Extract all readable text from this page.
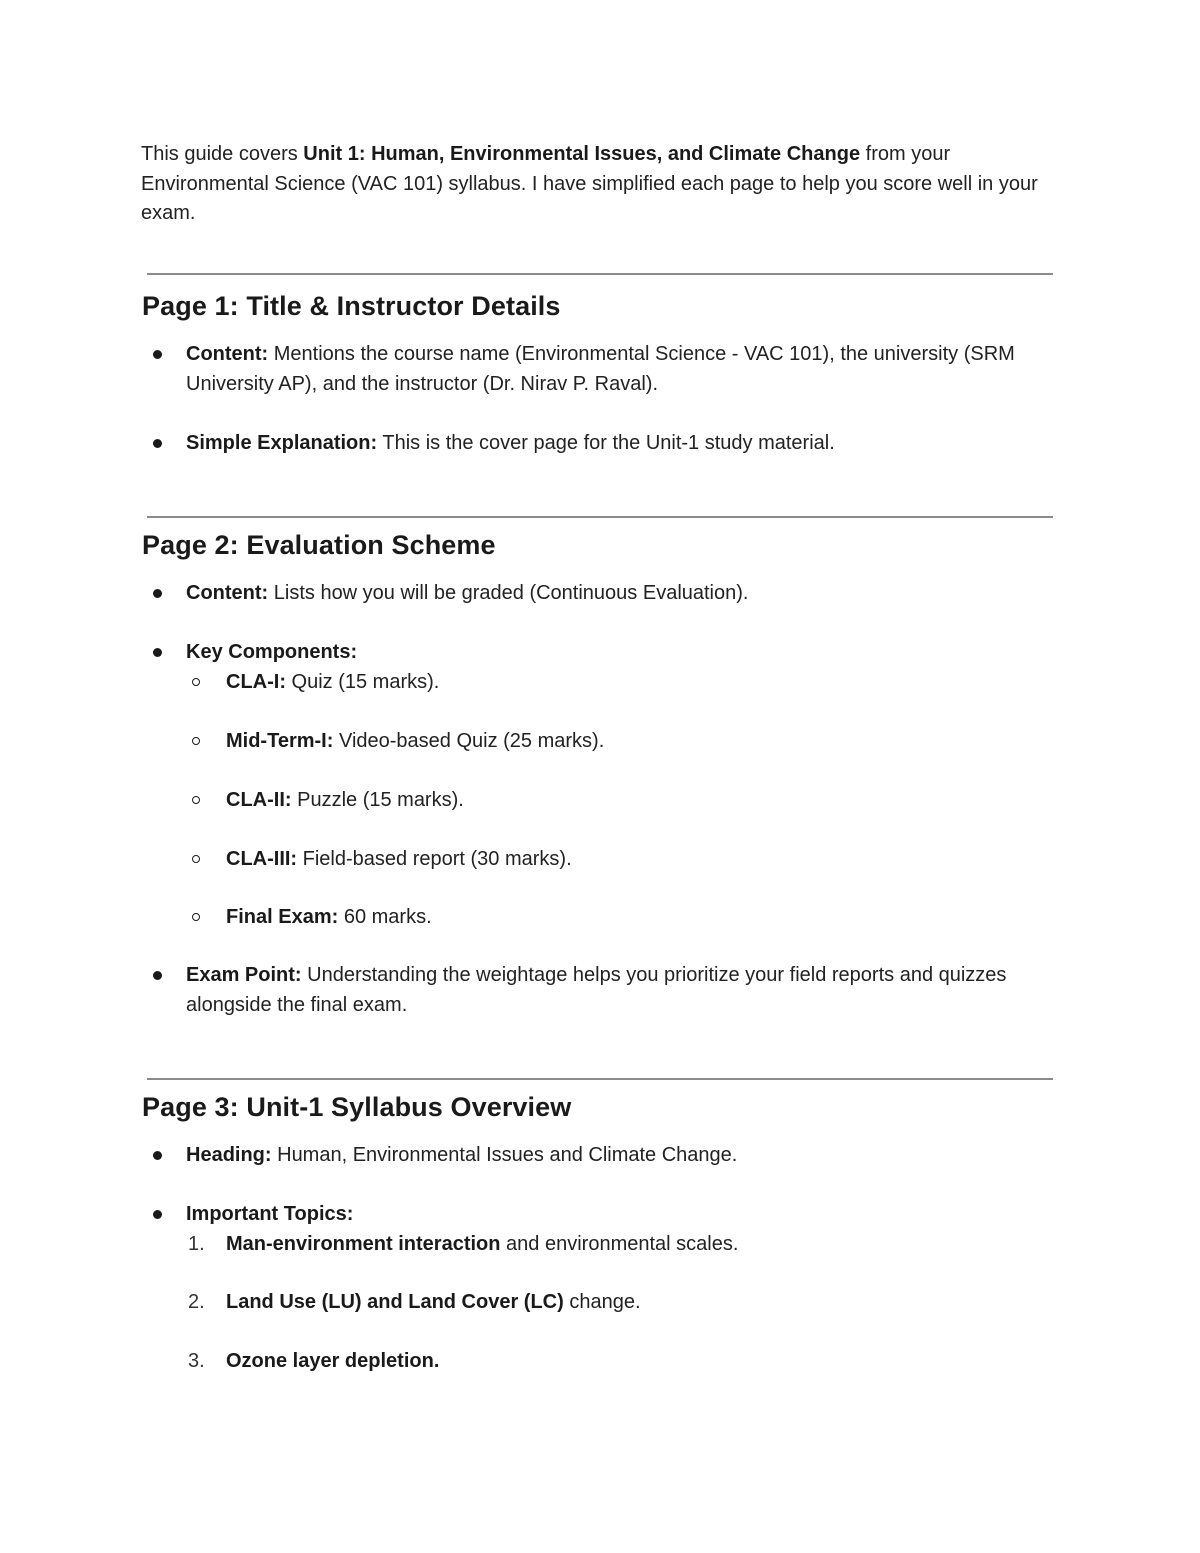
This guide covers Unit 1: Human, Environmental Issues, and Climate Change from your Environmental Science (VAC 101) syllabus. I have simplified each page to help you score well in your exam.

Page 1: Title & Instructor Details
Content: Mentions the course name (Environmental Science - VAC 101), the university (SRM University AP), and the instructor (Dr. Nirav P. Raval).
Simple Explanation: This is the cover page for the Unit-1 study material.
Page 2: Evaluation Scheme
Content: Lists how you will be graded (Continuous Evaluation).
Key Components:
CLA-I: Quiz (15 marks).
Mid-Term-I: Video-based Quiz (25 marks).
CLA-II: Puzzle (15 marks).
CLA-III: Field-based report (30 marks).
Final Exam: 60 marks.
Exam Point: Understanding the weightage helps you prioritize your field reports and quizzes alongside the final exam.
Page 3: Unit-1 Syllabus Overview
Heading: Human, Environmental Issues and Climate Change.
Important Topics:
1.	Man-environment interaction and environmental scales.
2.	Land Use (LU) and Land Cover (LC) change.
3.	Ozone layer depletion.
